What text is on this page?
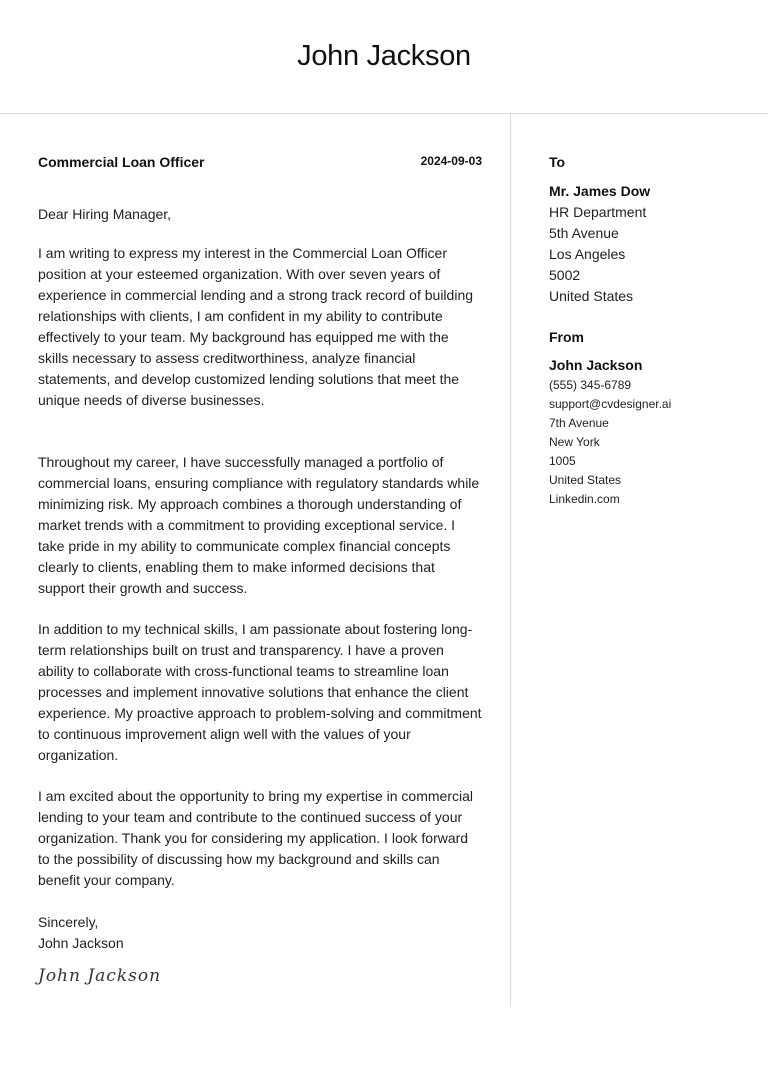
John Jackson
Commercial Loan Officer	2024-09-03
Dear Hiring Manager,
I am writing to express my interest in the Commercial Loan Officer position at your esteemed organization. With over seven years of experience in commercial lending and a strong track record of building relationships with clients, I am confident in my ability to contribute effectively to your team. My background has equipped me with the skills necessary to assess creditworthiness, analyze financial statements, and develop customized lending solutions that meet the unique needs of diverse businesses.
Throughout my career, I have successfully managed a portfolio of commercial loans, ensuring compliance with regulatory standards while minimizing risk. My approach combines a thorough understanding of market trends with a commitment to providing exceptional service. I take pride in my ability to communicate complex financial concepts clearly to clients, enabling them to make informed decisions that support their growth and success.
In addition to my technical skills, I am passionate about fostering long-term relationships built on trust and transparency. I have a proven ability to collaborate with cross-functional teams to streamline loan processes and implement innovative solutions that enhance the client experience. My proactive approach to problem-solving and commitment to continuous improvement align well with the values of your organization.
I am excited about the opportunity to bring my expertise in commercial lending to your team and contribute to the continued success of your organization. Thank you for considering my application. I look forward to the possibility of discussing how my background and skills can benefit your company.
Sincerely,
John Jackson
John Jackson
To
Mr. James Dow
HR Department
5th Avenue
Los Angeles
5002
United States
From
John Jackson
(555) 345-6789
support@cvdesigner.ai
7th Avenue
New York
1005
United States
Linkedin.com
